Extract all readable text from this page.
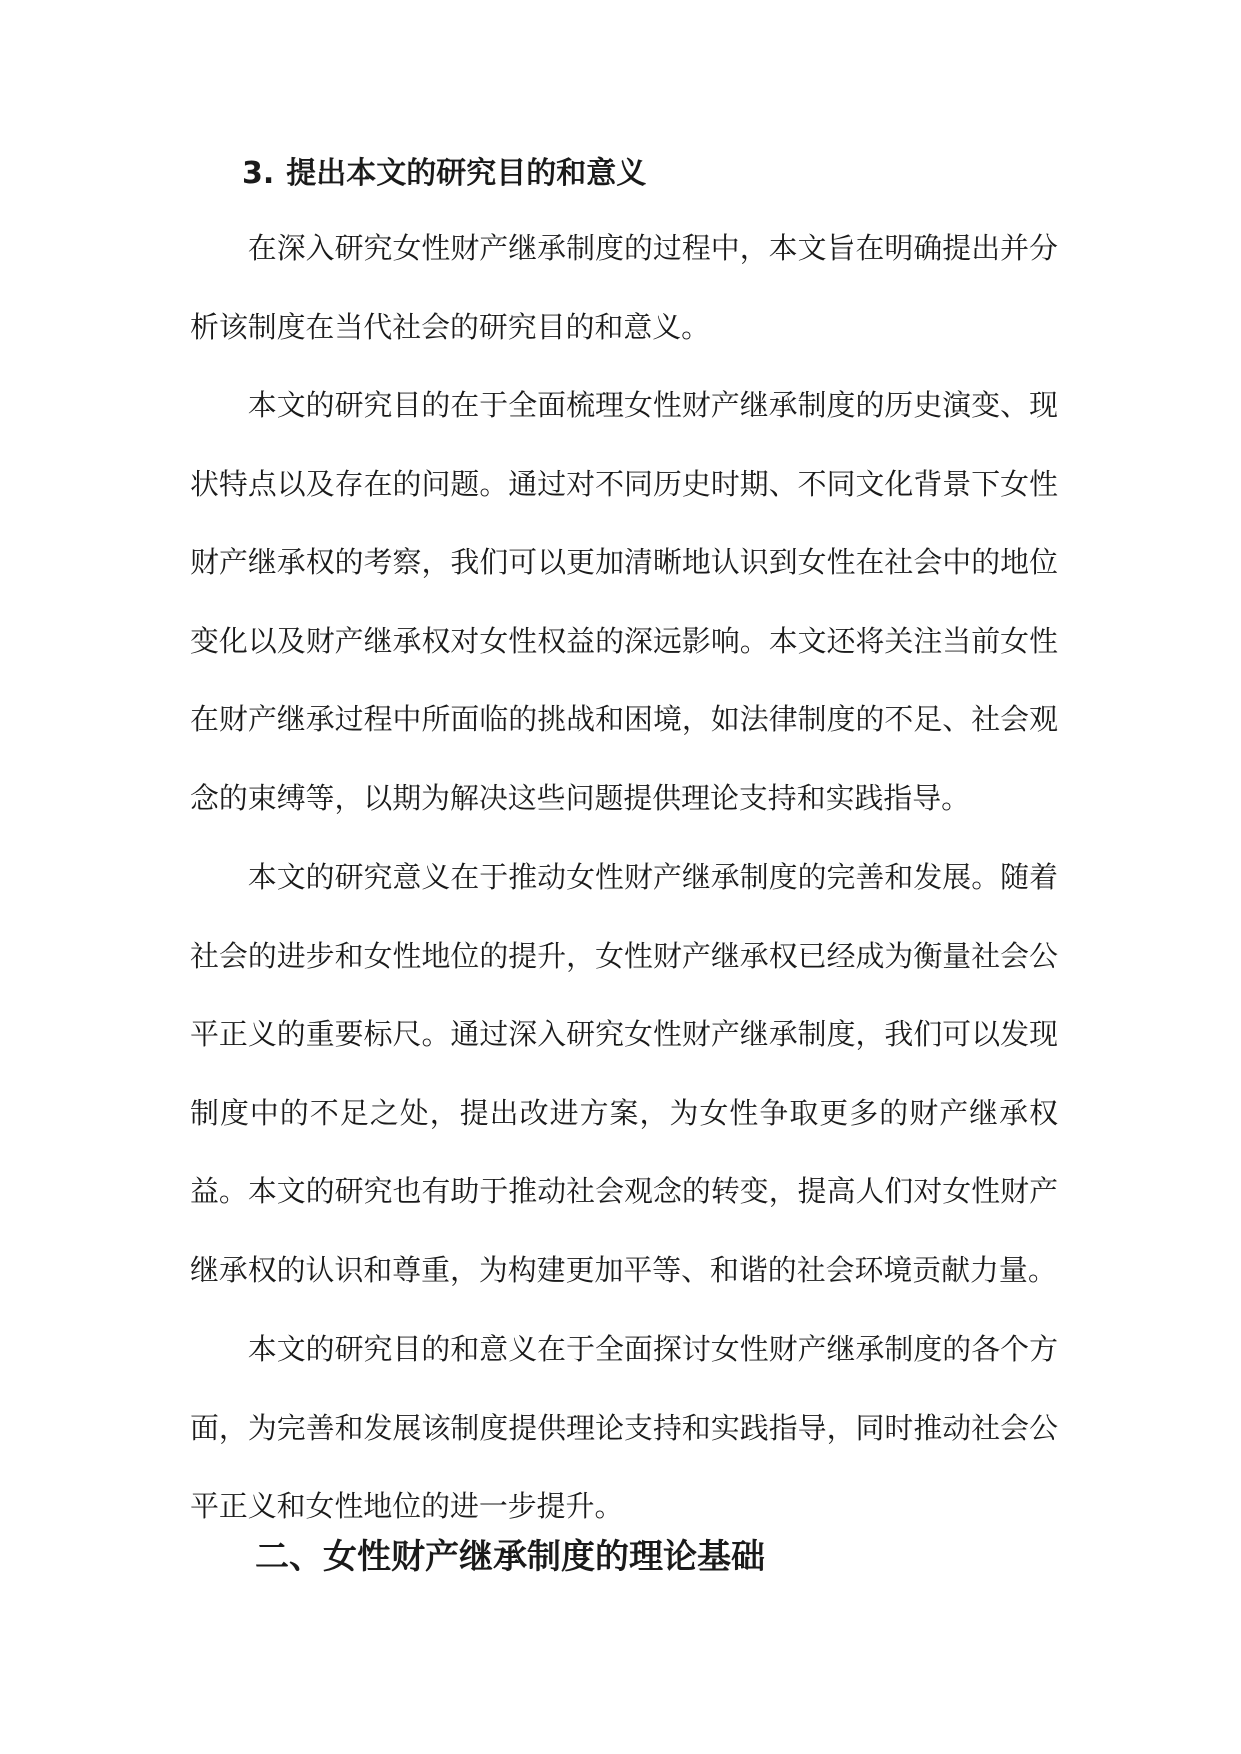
3. 提出本文的研究目的和意义

在深入研究女性财产继承制度的过程中，本文旨在明确提出并分析该制度在当代社会的研究目的和意义。

本文的研究目的在于全面梳理女性财产继承制度的历史演变、现状特点以及存在的问题。通过对不同历史时期、不同文化背景下女性财产继承权的考察，我们可以更加清晰地认识到女性在社会中的地位变化以及财产继承权对女性权益的深远影响。本文还将关注当前女性在财产继承过程中所面临的挑战和困境，如法律制度的不足、社会观念的束缚等，以期为解决这些问题提供理论支持和实践指导。

本文的研究意义在于推动女性财产继承制度的完善和发展。随着社会的进步和女性地位的提升，女性财产继承权已经成为衡量社会公平正义的重要标尺。通过深入研究女性财产继承制度，我们可以发现制度中的不足之处，提出改进方案，为女性争取更多的财产继承权益。本文的研究也有助于推动社会观念的转变，提高人们对女性财产继承权的认识和尊重，为构建更加平等、和谐的社会环境贡献力量。

本文的研究目的和意义在于全面探讨女性财产继承制度的各个方面，为完善和发展该制度提供理论支持和实践指导，同时推动社会公平正义和女性地位的进一步提升。

二、女性财产继承制度的理论基础
